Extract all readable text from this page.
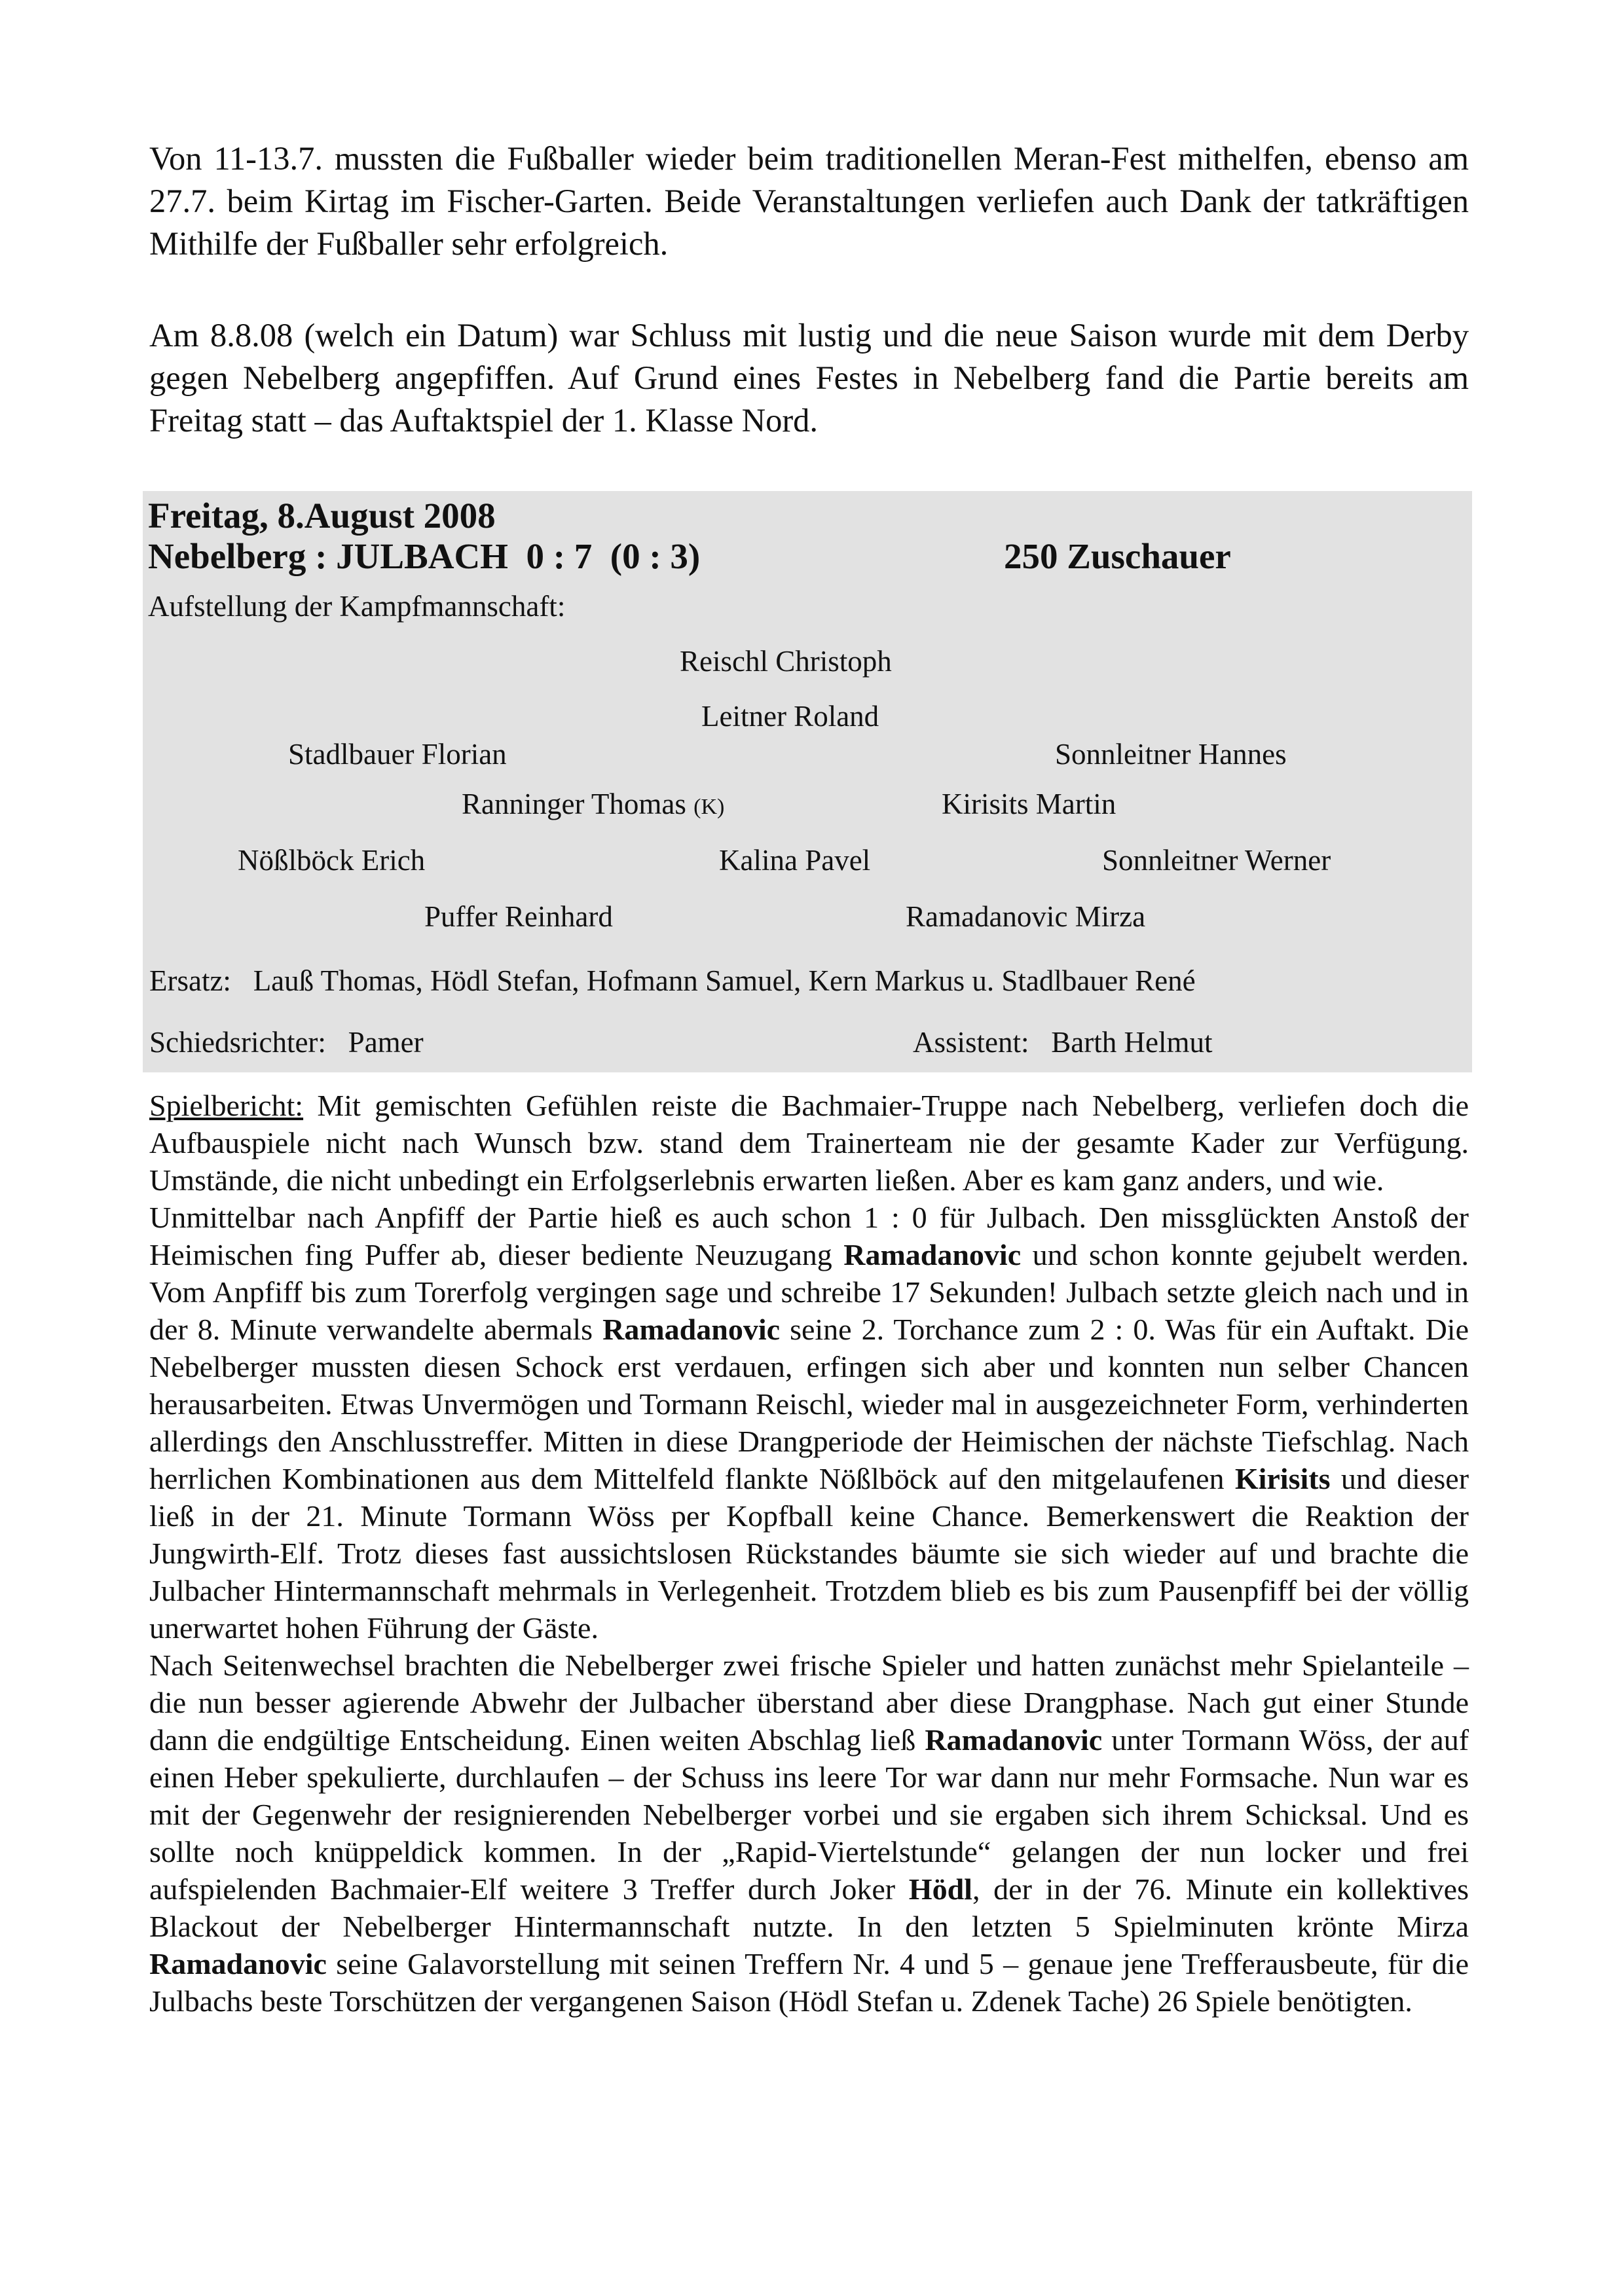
Von 11-13.7. mussten die Fußballer wieder beim traditionellen Meran-Fest mithelfen, ebenso am 27.7. beim Kirtag im Fischer-Garten. Beide Veranstaltungen verliefen auch Dank der tatkräftigen Mithilfe der Fußballer sehr erfolgreich.

Am 8.8.08 (welch ein Datum) war Schluss mit lustig und die neue Saison wurde mit dem Derby gegen Nebelberg angepfiffen. Auf Grund eines Festes in Nebelberg fand die Partie bereits am Freitag statt – das Auftaktspiel der 1. Klasse Nord.

Freitag, 8.August 2008
Nebelberg : JULBACH  0 : 7  (0 : 3)	250 Zuschauer
Aufstellung der Kampfmannschaft:
Reischl Christoph
Leitner Roland
Stadlbauer Florian	Sonnleitner Hannes
Ranninger Thomas (K)	Kirisits Martin
Nößlböck Erich	Kalina Pavel	Sonnleitner Werner
Puffer Reinhard	Ramadanovic Mirza
Ersatz: Lauß Thomas, Hödl Stefan, Hofmann Samuel, Kern Markus u. Stadlbauer René
Schiedsrichter: Pamer	Assistent: Barth Helmut

Spielbericht: Mit gemischten Gefühlen reiste die Bachmaier-Truppe nach Nebelberg, verliefen doch die Aufbauspiele nicht nach Wunsch bzw. stand dem Trainerteam nie der gesamte Kader zur Verfügung. Umstände, die nicht unbedingt ein Erfolgserlebnis erwarten ließen. Aber es kam ganz anders, und wie.

Unmittelbar nach Anpfiff der Partie hieß es auch schon 1 : 0 für Julbach. Den missglückten Anstoß der Heimischen fing Puffer ab, dieser bediente Neuzugang Ramadanovic und schon konnte gejubelt werden. Vom Anpfiff bis zum Torerfolg vergingen sage und schreibe 17 Sekunden! Julbach setzte gleich nach und in der 8. Minute verwandelte abermals Ramadanovic seine 2. Torchance zum 2 : 0. Was für ein Auftakt. Die Nebelberger mussten diesen Schock erst verdauen, erfingen sich aber und konnten nun selber Chancen herausarbeiten. Etwas Unvermögen und Tormann Reischl, wieder mal in ausgezeichneter Form, verhinderten allerdings den Anschlusstreffer. Mitten in diese Drangperiode der Heimischen der nächste Tiefschlag. Nach herrlichen Kombinationen aus dem Mittelfeld flankte Nößlböck auf den mitgelaufenen Kirisits und dieser ließ in der 21. Minute Tormann Wöss per Kopfball keine Chance. Bemerkenswert die Reaktion der Jungwirth-Elf. Trotz dieses fast aussichtslosen Rückstandes bäumte sie sich wieder auf und brachte die Julbacher Hintermannschaft mehrmals in Verlegenheit. Trotzdem blieb es bis zum Pausenpfiff bei der völlig unerwartet hohen Führung der Gäste.

Nach Seitenwechsel brachten die Nebelberger zwei frische Spieler und hatten zunächst mehr Spielanteile – die nun besser agierende Abwehr der Julbacher überstand aber diese Drangphase. Nach gut einer Stunde dann die endgültige Entscheidung. Einen weiten Abschlag ließ Ramadanovic unter Tormann Wöss, der auf einen Heber spekulierte, durchlaufen – der Schuss ins leere Tor war dann nur mehr Formsache. Nun war es mit der Gegenwehr der resignierenden Nebelberger vorbei und sie ergaben sich ihrem Schicksal. Und es sollte noch knüppeldick kommen. In der „Rapid-Viertelstunde“ gelangen der nun locker und frei aufspielenden Bachmaier-Elf weitere 3 Treffer durch Joker Hödl, der in der 76. Minute ein kollektives Blackout der Nebelberger Hintermannschaft nutzte. In den letzten 5 Spielminuten krönte Mirza Ramadanovic seine Galavorstellung mit seinen Treffern Nr. 4 und 5 – genaue jene Trefferausbeute, für die Julbachs beste Torschützen der vergangenen Saison (Hödl Stefan u. Zdenek Tache) 26 Spiele benötigten.
